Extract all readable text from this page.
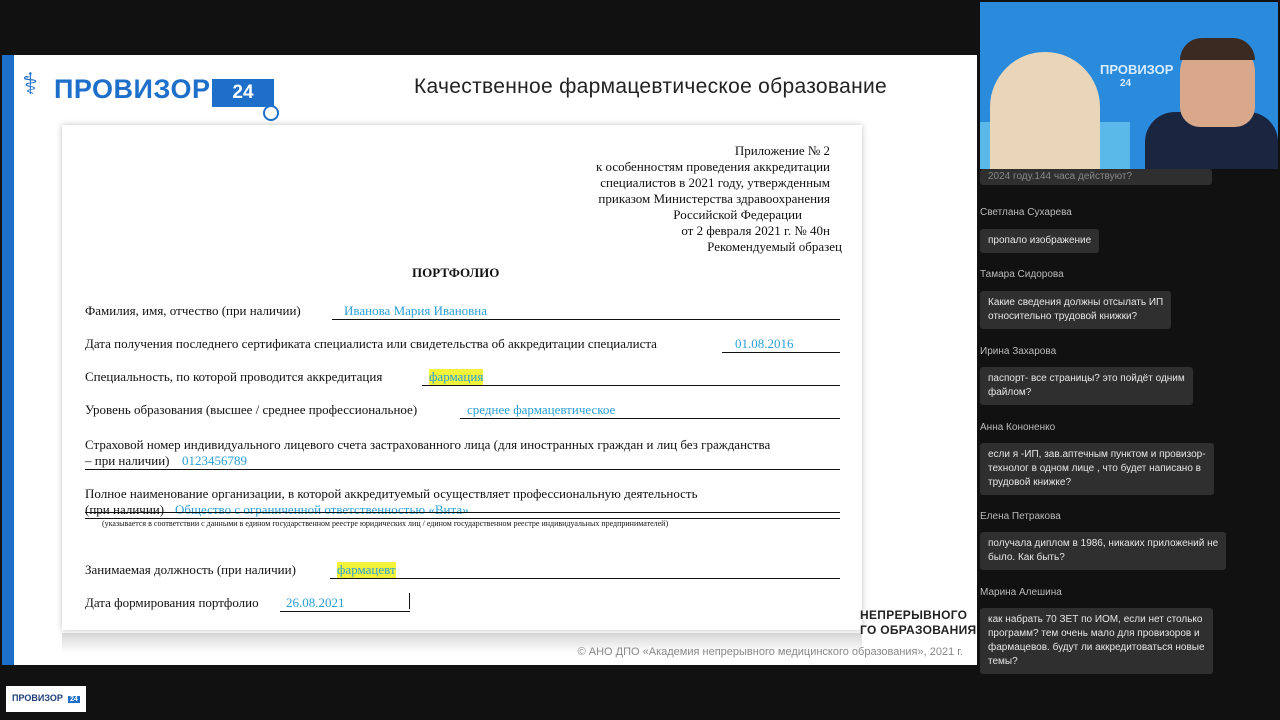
⚕ ПРОВИЗОР	24	Качественное фармацевтическое образование
Приложение № 2
к особенностям проведения аккредитации
специалистов в 2021 году, утвержденным
приказом Министерства здравоохранения
Российской Федерации
от 2 февраля 2021 г. № 40н
Рекомендуемый образец
ПОРТФОЛИО
Фамилия, имя, отчество (при наличии)	Иванова Мария Ивановна
Дата получения последнего сертификата специалиста или свидетельства об аккредитации специалиста	01.08.2016
Специальность, по которой проводится аккредитация	фармация
Уровень образования (высшее / среднее профессиональное)	среднее фармацевтическое
Страховой номер индивидуального лицевого счета застрахованного лица (для иностранных граждан и лиц без гражданства
– при наличии) 0123456789
Полное наименование организации, в которой аккредитуемый осуществляет профессиональную деятельность
(при наличии) Общество с ограниченной ответственностью «Вита»
(указывается в соответствии с данными в едином государственном реестре юридических лиц / едином государственном реестре индивидуальных предпринимателей)
Занимаемая должность (при наличии)	фармацевт
Дата формирования портфолио 26.08.2021
НЕПРЕРЫВНОГО
ГО ОБРАЗОВАНИЯ
© АНО ДПО «Академия непрерывного медицинского образования», 2021 г.
ПРОВИЗОР
24
2024 году.144 часа действуют?
Светлана Сухарева
пропало изображение
Тамара Сидорова
Какие сведения должны отсылать ИП
относительно трудовой книжки?
Ирина Захарова
паспорт- все страницы? это пойдёт одним
файлом?
Анна Кононенко
если я -ИП, зав.аптечным пунктом и провизор-
технолог в одном лице , что будет написано в
трудовой книжке?
Елена Петракова
получала диплом в 1986, никаких приложений не
было. Как быть?
Марина Алешина
как набрать 70 ЗЕТ по ИОМ, если нет столько
программ? тем очень мало для провизоров и
фармацевов. будут ли аккредитоваться новые
темы?
ПРОВИЗОР 24
